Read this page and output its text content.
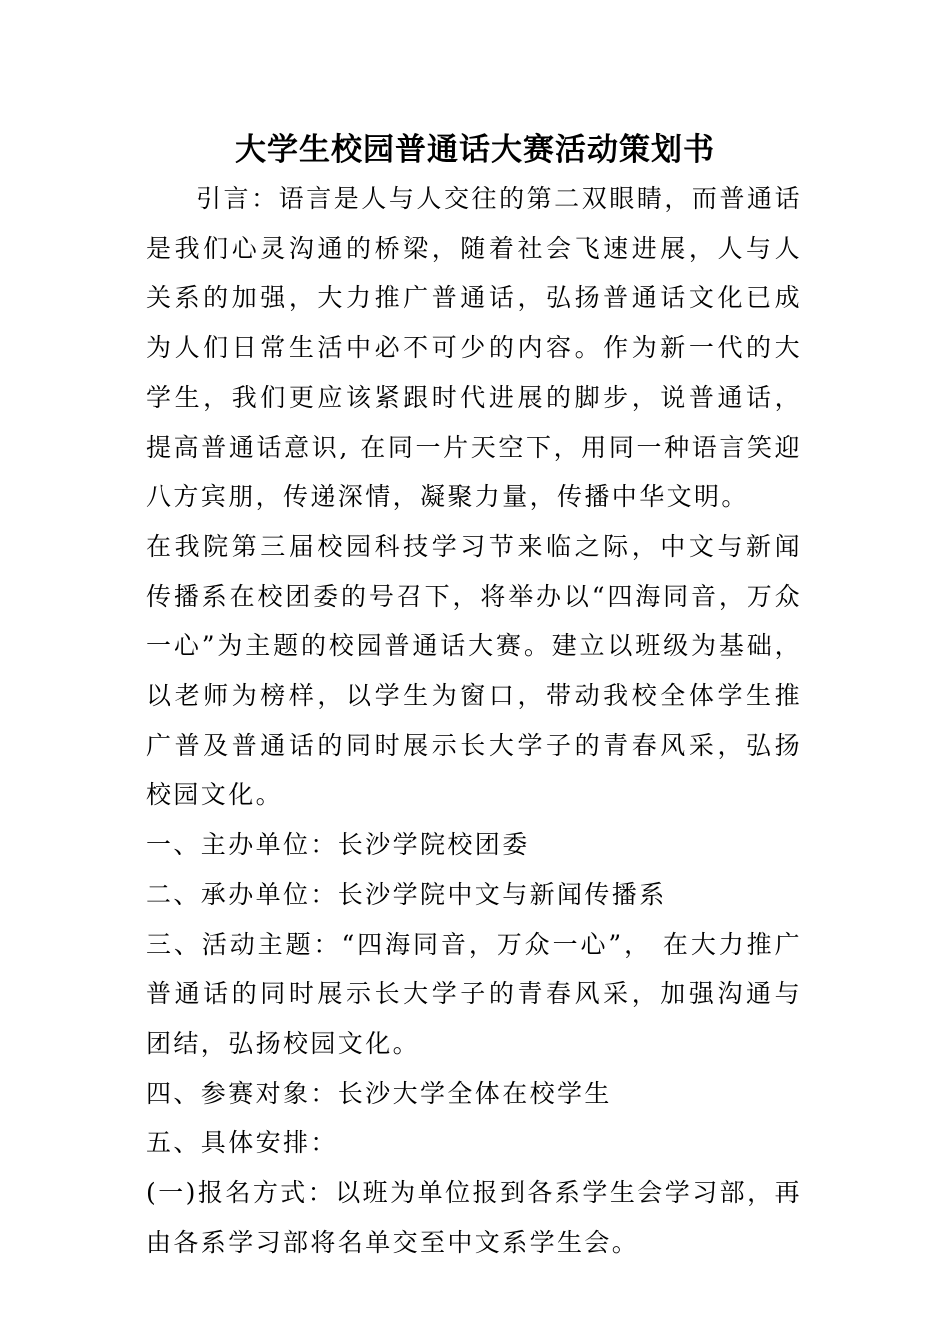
大学生校园普通话大赛活动策划书

引言：语言是人与人交往的第二双眼睛，而普通话是我们心灵沟通的桥梁，随着社会飞速进展，人与人关系的加强，大力推广普通话，弘扬普通话文化已成为人们日常生活中必不可少的内容。作为新一代的大学生，我们更应该紧跟时代进展的脚步，说普通话，提高普通话意识, 在同一片天空下，用同一种语言笑迎八方宾朋，传递深情，凝聚力量，传播中华文明。

在我院第三届校园科技学习节来临之际，中文与新闻传播系在校团委的号召下，将举办以“四海同音，万众一心”为主题的校园普通话大赛。建立以班级为基础，以老师为榜样，以学生为窗口，带动我校全体学生推广普及普通话的同时展示长大学子的青春风采，弘扬校园文化。

一、主办单位：长沙学院校团委

二、承办单位：长沙学院中文与新闻传播系

三、活动主题：“四海同音，万众一心”， 在大力推广普通话的同时展示长大学子的青春风采，加强沟通与团结，弘扬校园文化。

四、参赛对象：长沙大学全体在校学生

五、具体安排：

(一)报名方式：以班为单位报到各系学生会学习部，再由各系学习部将名单交至中文系学生会。
